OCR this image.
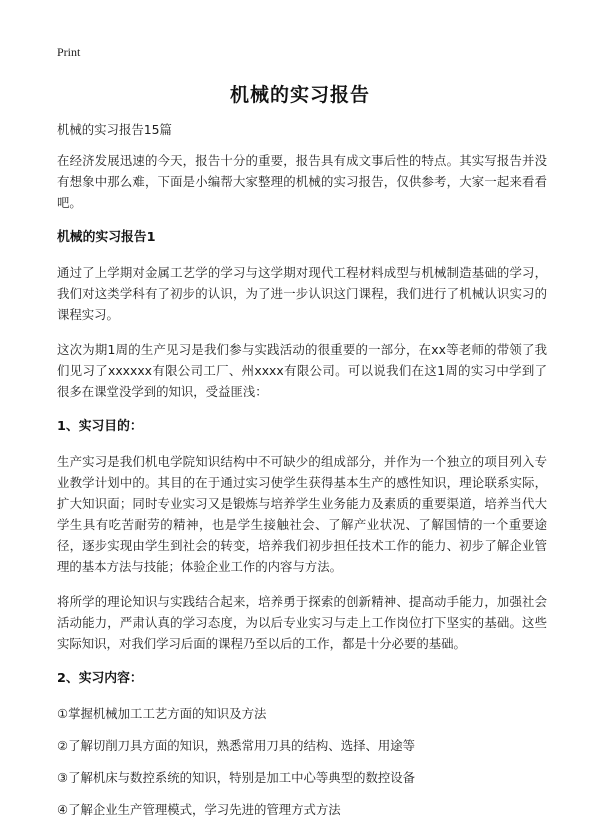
Print
机械的实习报告

机械的实习报告15篇

在经济发展迅速的今天，报告十分的重要，报告具有成文事后性的特点。其实写报告并没有想象中那么难，下面是小编帮大家整理的机械的实习报告，仅供参考，大家一起来看看吧。

机械的实习报告1

通过了上学期对金属工艺学的学习与这学期对现代工程材料成型与机械制造基础的学习，我们对这类学科有了初步的认识，为了进一步认识这门课程，我们进行了机械认识实习的课程实习。

这次为期1周的生产见习是我们参与实践活动的很重要的一部分，在xx等老师的带领了我们见习了xxxxxx有限公司工厂、州xxxx有限公司。可以说我们在这1周的实习中学到了很多在课堂没学到的知识，受益匪浅：

1、实习目的：

生产实习是我们机电学院知识结构中不可缺少的组成部分，并作为一个独立的项目列入专业教学计划中的。其目的在于通过实习使学生获得基本生产的感性知识，理论联系实际，扩大知识面；同时专业实习又是锻炼与培养学生业务能力及素质的重要渠道，培养当代大学生具有吃苦耐劳的精神，也是学生接触社会、了解产业状况、了解国情的一个重要途径，逐步实现由学生到社会的转变，培养我们初步担任技术工作的能力、初步了解企业管理的基本方法与技能；体验企业工作的内容与方法。

将所学的理论知识与实践结合起来，培养勇于探索的创新精神、提高动手能力，加强社会活动能力，严肃认真的学习态度，为以后专业实习与走上工作岗位打下坚实的基础。这些实际知识，对我们学习后面的课程乃至以后的工作，都是十分必要的基础。

2、实习内容：

①掌握机械加工工艺方面的知识及方法

②了解切削刀具方面的知识，熟悉常用刀具的结构、选择、用途等

③了解机床与数控系统的知识，特别是加工中心等典型的数控设备

④了解企业生产管理模式，学习先进的管理方式方法
